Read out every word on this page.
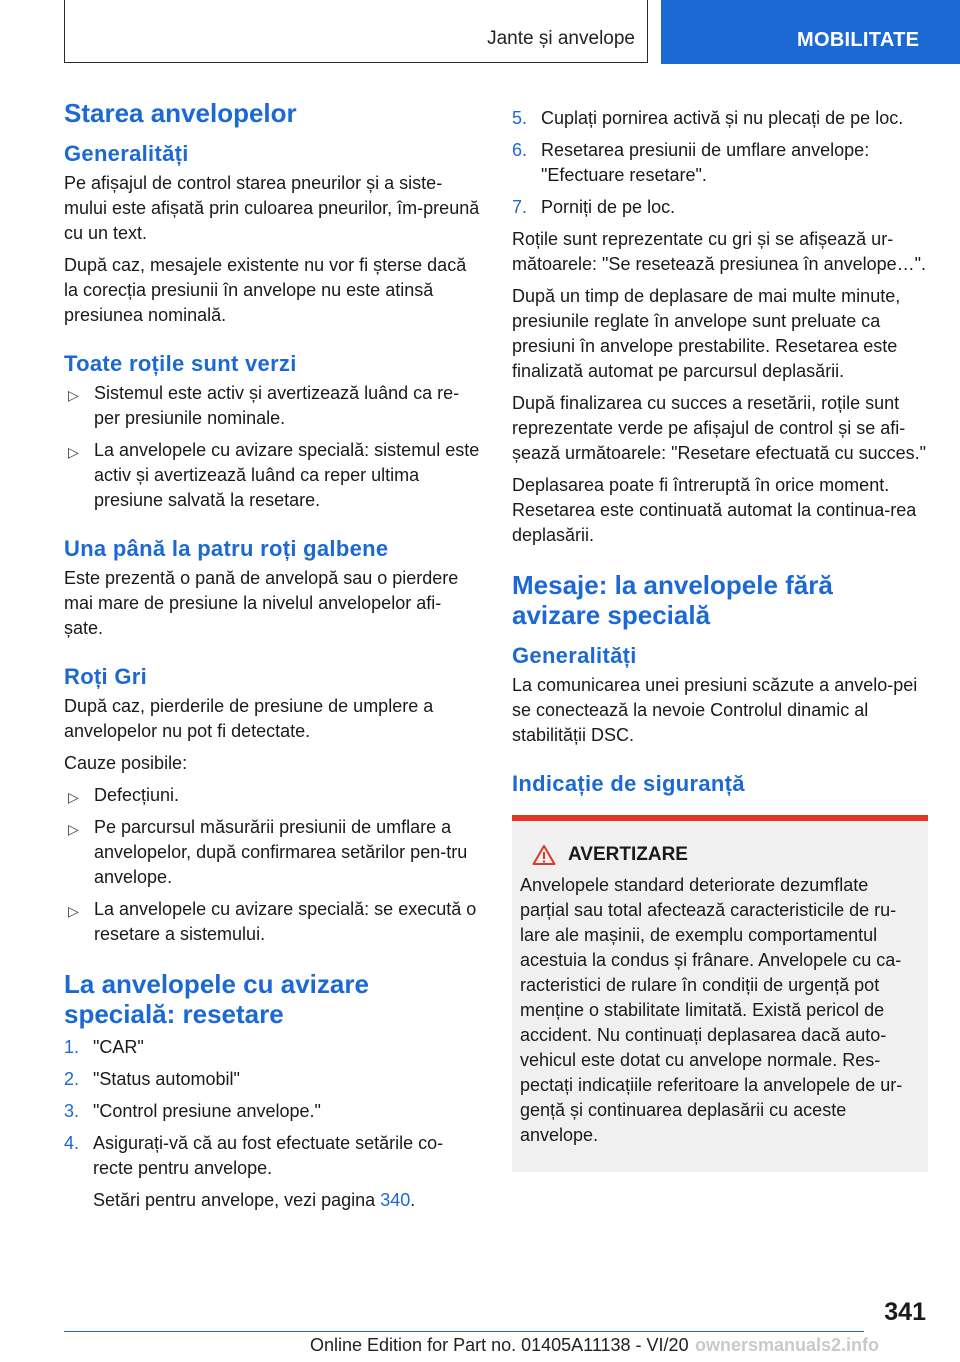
Jante și anvelope	MOBILITATE
Starea anvelopelor
Generalități
Pe afișajul de control starea pneurilor și a siste-mului este afișată prin culoarea pneurilor, îm-preună cu un text.
După caz, mesajele existente nu vor fi șterse dacă la corecția presiunii în anvelope nu este atinsă presiunea nominală.
Toate roțile sunt verzi
▷ Sistemul este activ și avertizează luând ca re-per presiunile nominale.
▷ La anvelopele cu avizare specială: sistemul este activ și avertizează luând ca reper ultima presiune salvată la resetare.
Una până la patru roți galbene
Este prezentă o pană de anvelopă sau o pierdere mai mare de presiune la nivelul anvelopelor afi-șate.
Roți Gri
După caz, pierderile de presiune de umplere a anvelopelor nu pot fi detectate.
Cauze posibile:
▷ Defecțiuni.
▷ Pe parcursul măsurării presiunii de umflare a anvelopelor, după confirmarea setărilor pen-tru anvelope.
▷ La anvelopele cu avizare specială: se execută o resetare a sistemului.
La anvelopele cu avizare specială: resetare
1. "CAR"
2. "Status automobil"
3. "Control presiune anvelope."
4. Asigurați-vă că au fost efectuate setările co-recte pentru anvelope.
Setări pentru anvelope, vezi pagina 340.
5. Cuplați pornirea activă și nu plecați de pe loc.
6. Resetarea presiunii de umflare anvelope: "Efectuare resetare".
7. Porniți de pe loc.
Roțile sunt reprezentate cu gri și se afișează ur-mătoarele: "Se resetează presiunea în anvelope…".
După un timp de deplasare de mai multe minute, presiunile reglate în anvelope sunt preluate ca presiuni în anvelope prestabilite. Resetarea este finalizată automat pe parcursul deplasării.
După finalizarea cu succes a resetării, roțile sunt reprezentate verde pe afișajul de control și se afi-șează următoarele: "Resetare efectuată cu succes."
Deplasarea poate fi întreruptă în orice moment. Resetarea este continuată automat la continua-rea deplasării.
Mesaje: la anvelopele fără avizare specială
Generalități
La comunicarea unei presiuni scăzute a anvelo-pei se conectează la nevoie Controlul dinamic al stabilității DSC.
Indicație de siguranță
AVERTIZARE
Anvelopele standard deteriorate dezumflate parțial sau total afectează caracteristicile de ru-lare ale mașinii, de exemplu comportamentul acestuia la condus și frânare. Anvelopele cu ca-racteristici de rulare în condiții de urgență pot menține o stabilitate limitată. Există pericol de accident. Nu continuați deplasarea dacă auto-vehicul este dotat cu anvelope normale. Res-pectați indicațiile referitoare la anvelopele de ur-gență și continuarea deplasării cu aceste anvelope.
341
Online Edition for Part no. 01405A11138 - VI/20 ownersmanuals2.info
